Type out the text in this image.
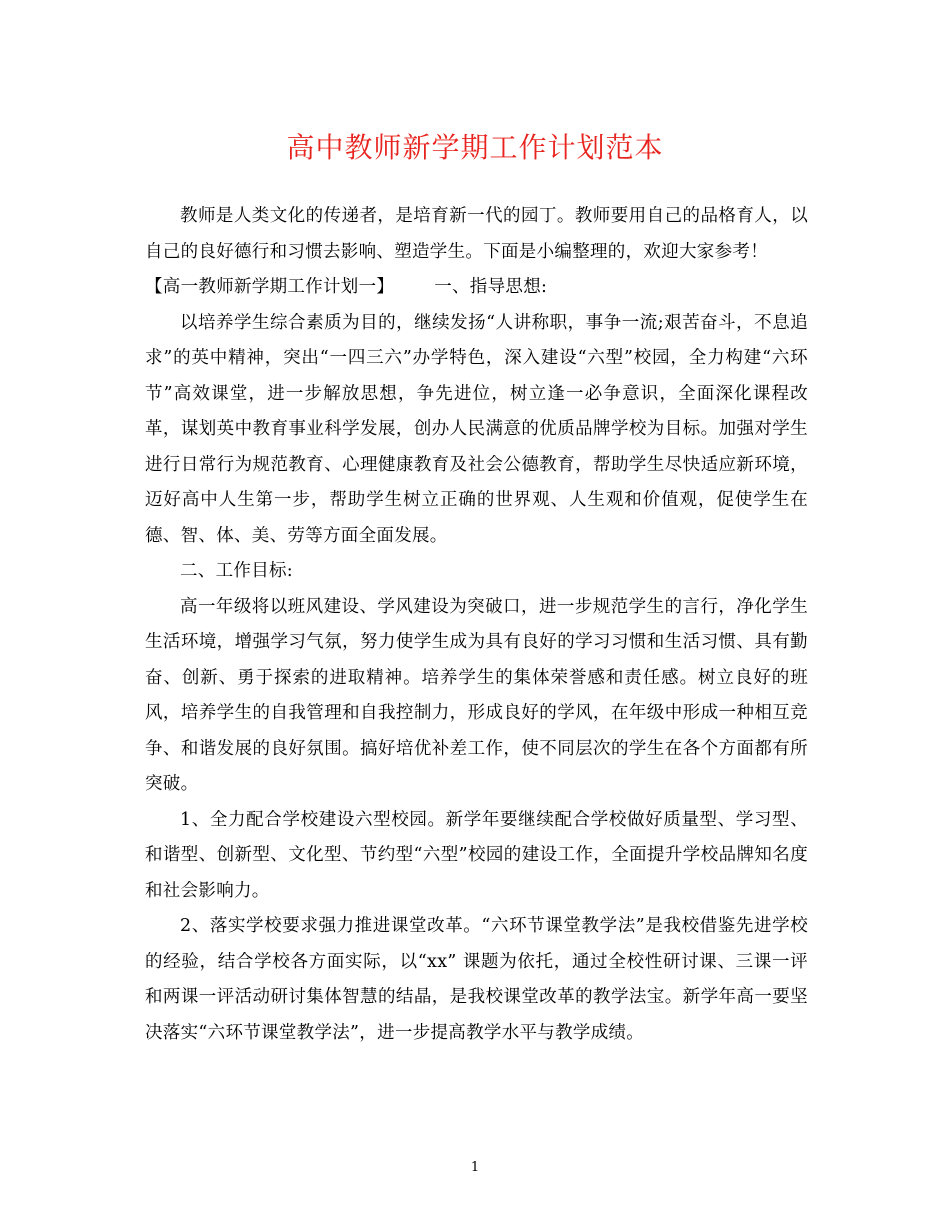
高中教师新学期工作计划范本

教师是人类文化的传递者，是培育新一代的园丁。教师要用自己的品格育人，以自己的良好德行和习惯去影响、塑造学生。下面是小编整理的，欢迎大家参考！

【高一教师新学期工作计划一】 一、指导思想:

以培养学生综合素质为目的，继续发扬“人讲称职，事争一流;艰苦奋斗，不息追求”的英中精神，突出“一四三六”办学特色，深入建设“六型”校园，全力构建“六环节”高效课堂，进一步解放思想，争先进位，树立逢一必争意识，全面深化课程改革，谋划英中教育事业科学发展，创办人民满意的优质品牌学校为目标。加强对学生进行日常行为规范教育、心理健康教育及社会公德教育，帮助学生尽快适应新环境，迈好高中人生第一步，帮助学生树立正确的世界观、人生观和价值观，促使学生在德、智、体、美、劳等方面全面发展。

二、工作目标:

高一年级将以班风建设、学风建设为突破口，进一步规范学生的言行，净化学生生活环境，增强学习气氛，努力使学生成为具有良好的学习习惯和生活习惯、具有勤奋、创新、勇于探索的进取精神。培养学生的集体荣誉感和责任感。树立良好的班风，培养学生的自我管理和自我控制力，形成良好的学风，在年级中形成一种相互竞争、和谐发展的良好氛围。搞好培优补差工作，使不同层次的学生在各个方面都有所突破。

1、全力配合学校建设六型校园。新学年要继续配合学校做好质量型、学习型、和谐型、创新型、文化型、节约型“六型”校园的建设工作，全面提升学校品牌知名度和社会影响力。

2、落实学校要求强力推进课堂改革。“六环节课堂教学法”是我校借鉴先进学校的经验，结合学校各方面实际，以“xx” 课题为依托，通过全校性研讨课、三课一评和两课一评活动研讨集体智慧的结晶，是我校课堂改革的教学法宝。新学年高一要坚决落实“六环节课堂教学法”，进一步提高教学水平与教学成绩。

1
